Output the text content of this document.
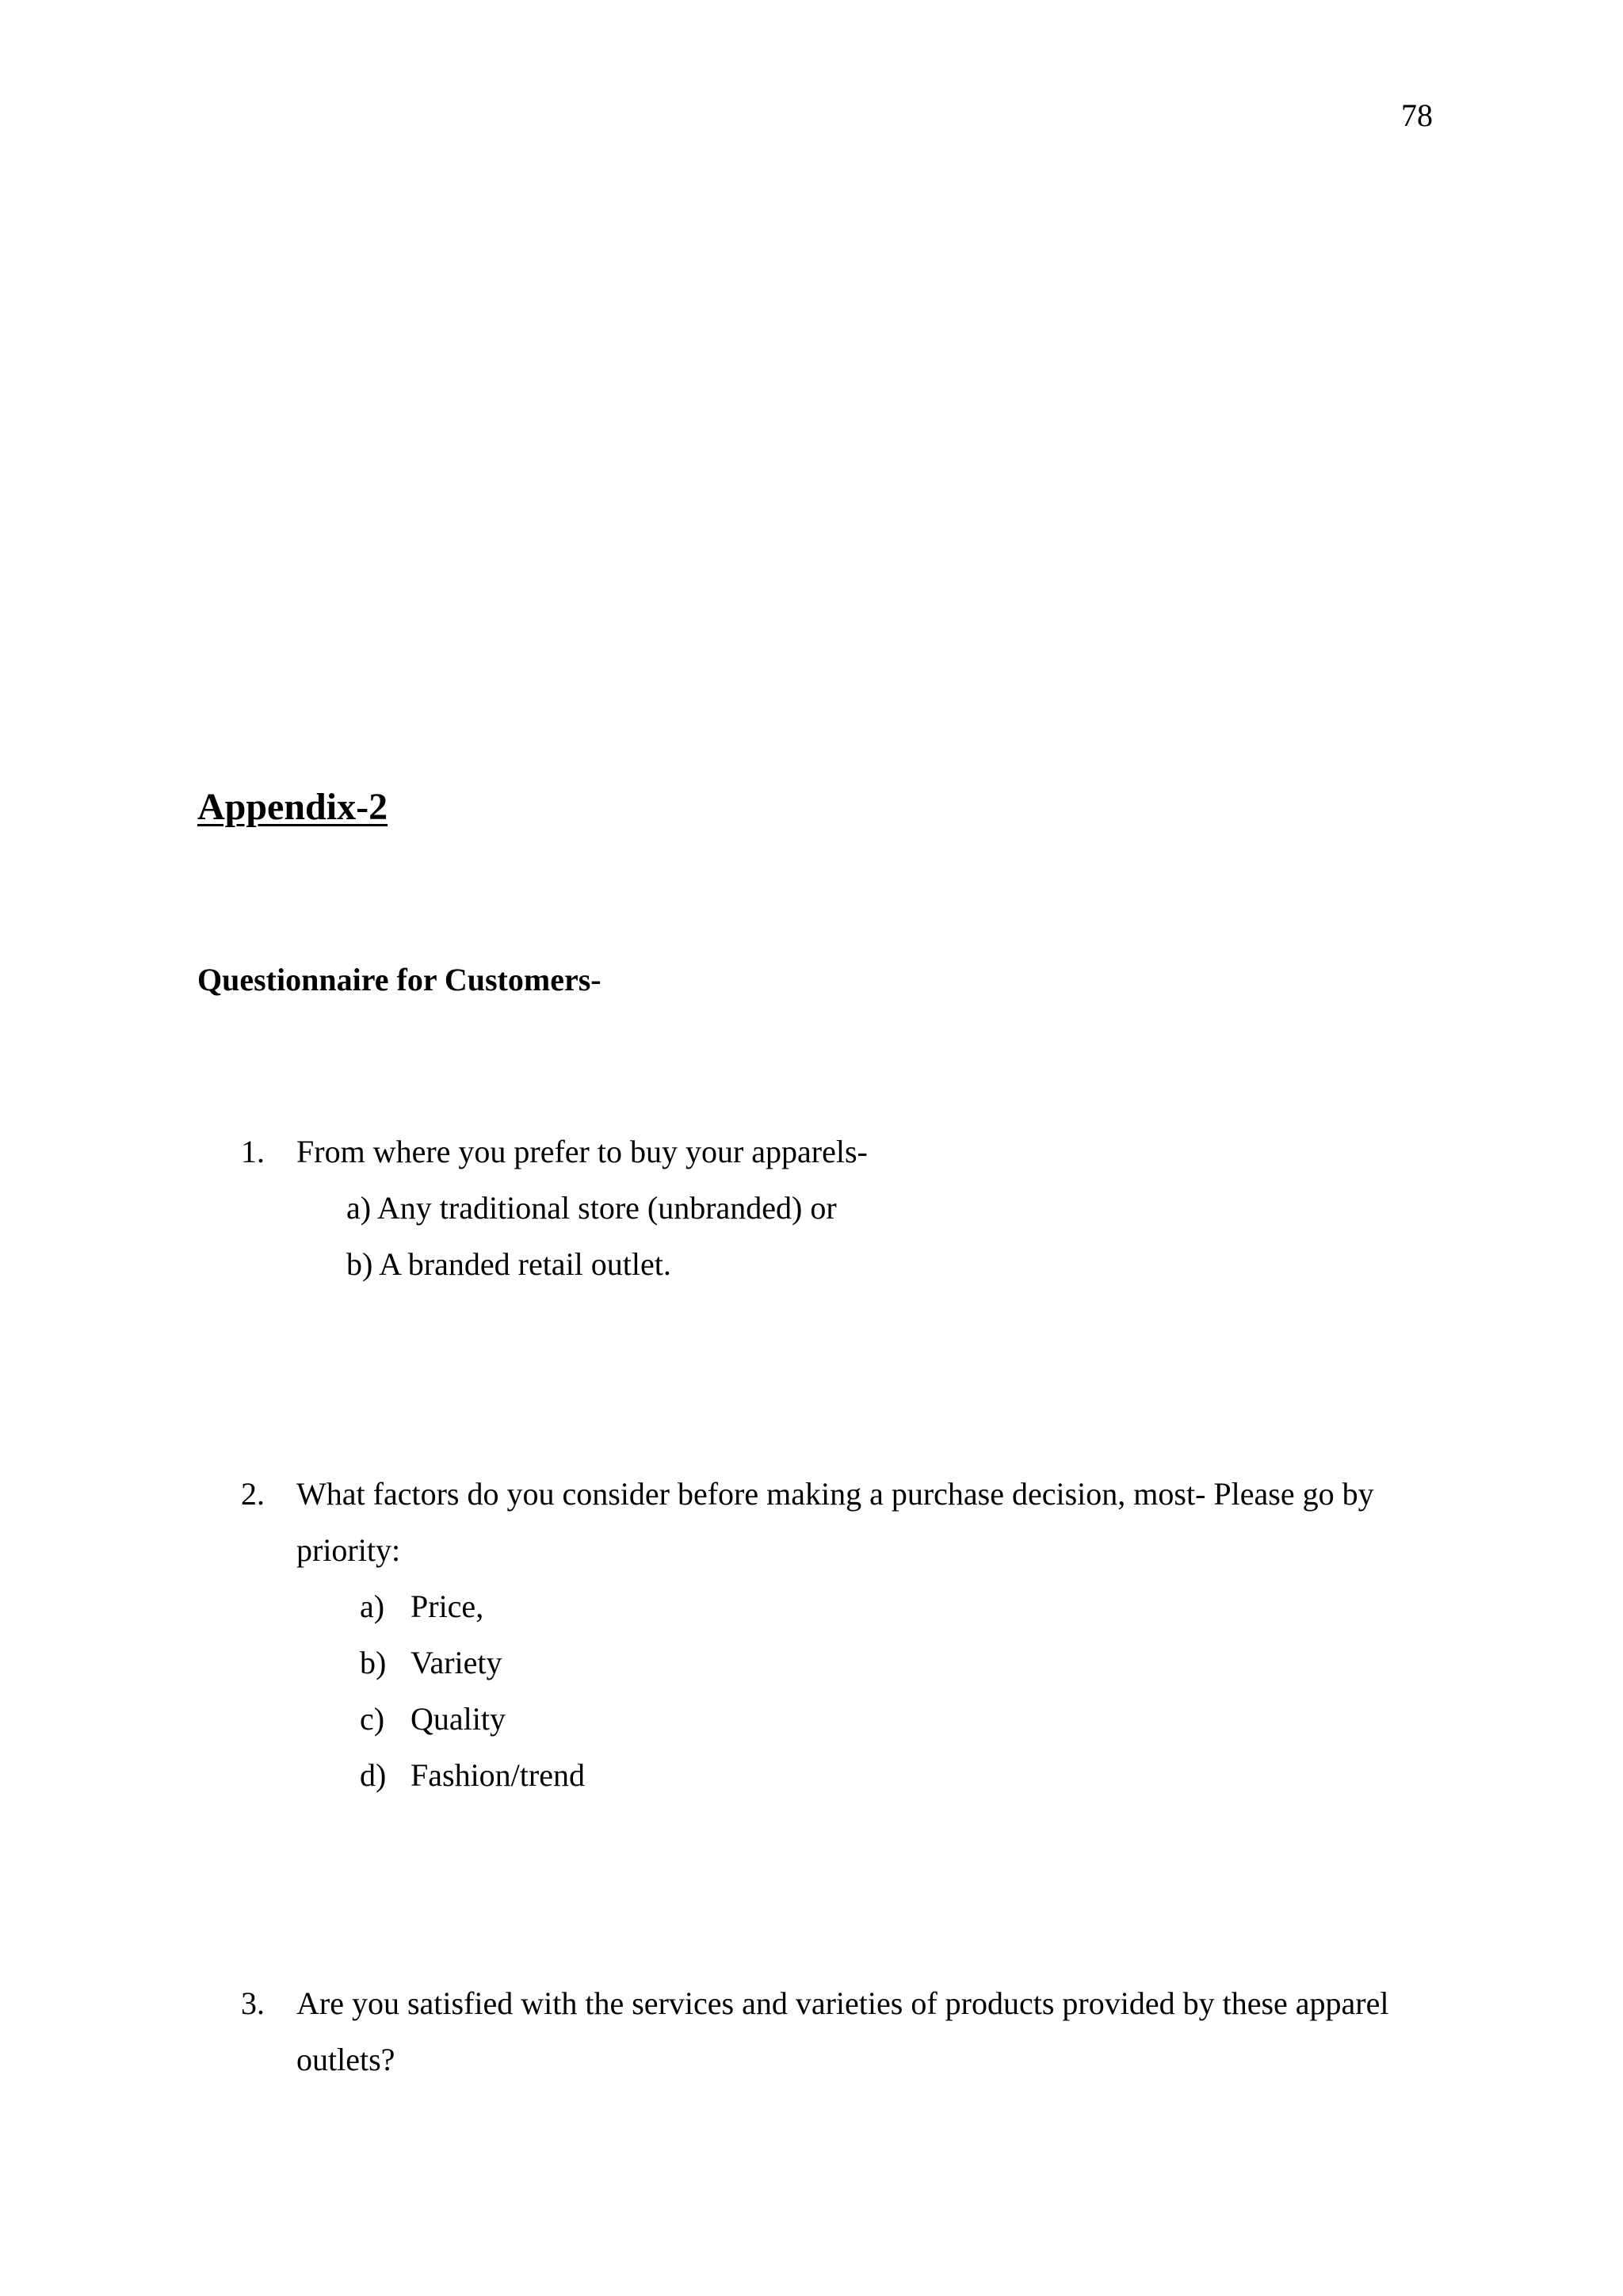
78
Appendix-2
Questionnaire for Customers-
1.	From where you prefer to buy your apparels-
a) Any traditional store (unbranded) or
b) A branded retail outlet.
2.	What factors do you consider before making a purchase decision, most- Please go by priority:
a) Price,
b) Variety
c) Quality
d) Fashion/trend
3.	Are you satisfied with the services and varieties of products provided by these apparel outlets?
